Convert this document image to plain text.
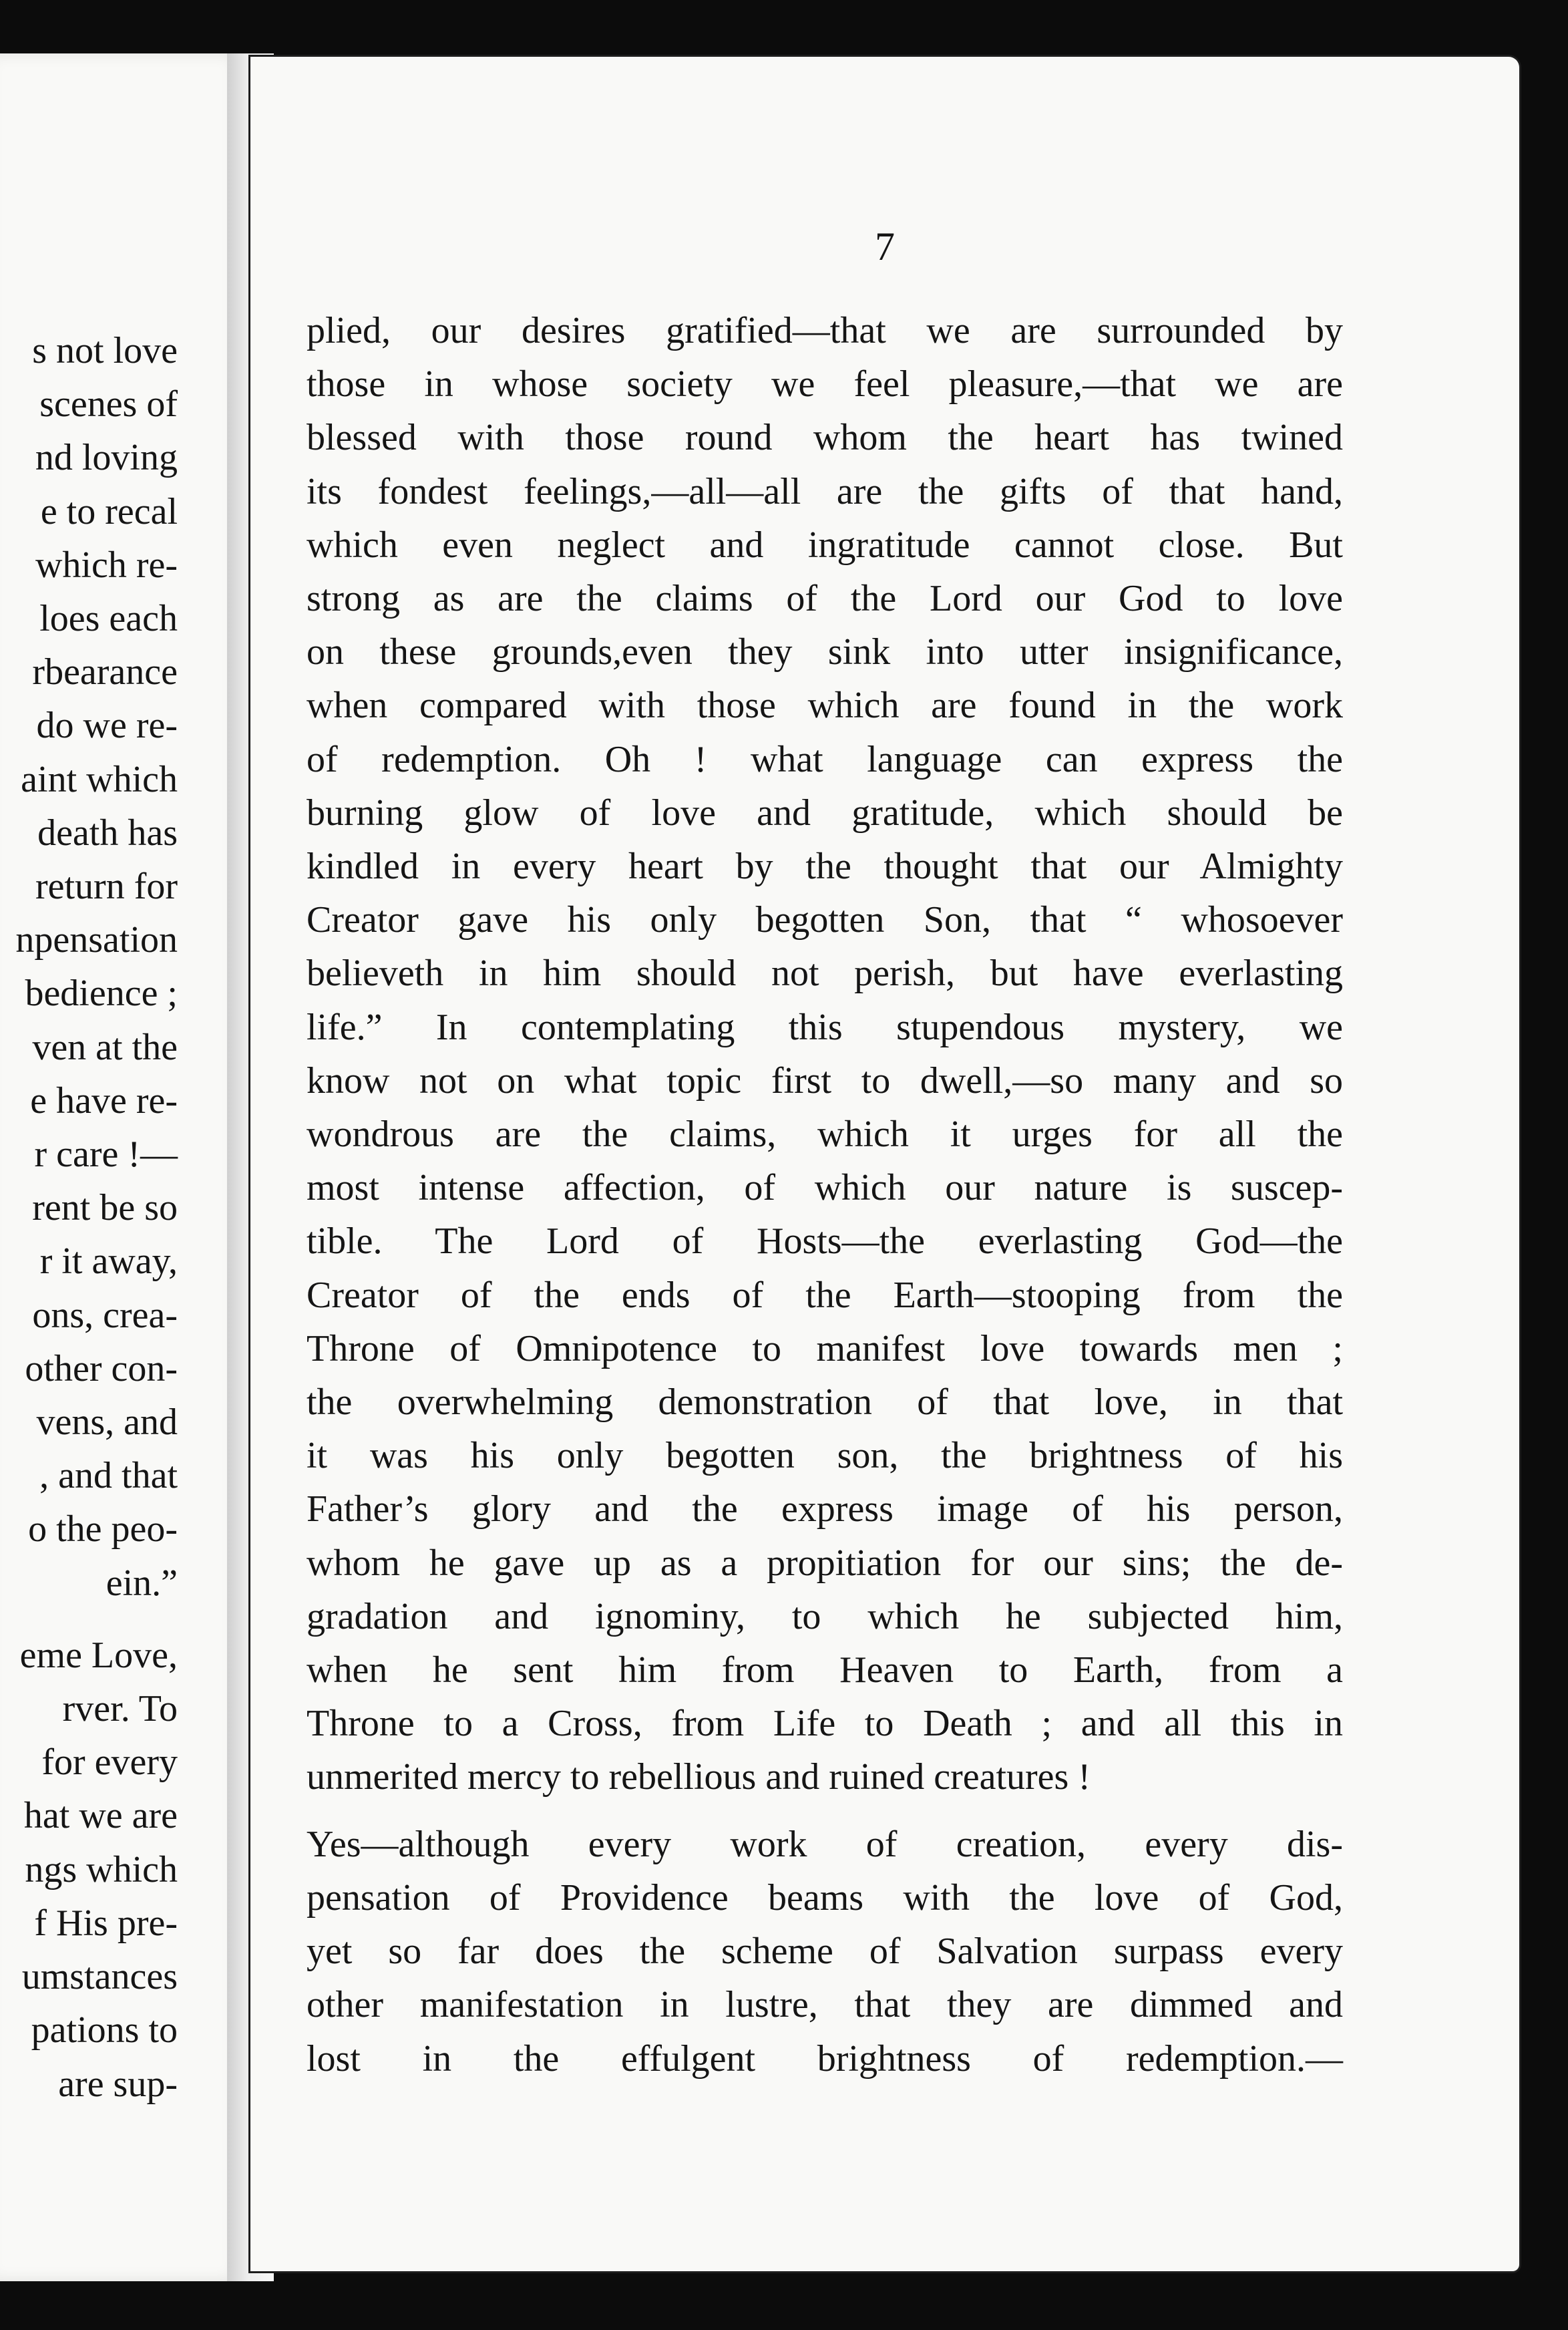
s not love
scenes of
nd loving
e to recal
which re-
loes each
rbearance
do we re-
aint which
death has
return for
npensation
bedience ;
ven at the
e have re-
r care !—
rent be so
r it away,
ons, crea-
other con-
vens, and
, and that
o the peo-
ein.”
eme Love,
rver. To
for every
hat we are
ngs which
f His pre-
umstances
pations to
are sup-

7

plied, our desires gratified—that we are surrounded by
those in whose society we feel pleasure,—that we are
blessed with those round whom the heart has twined
its fondest feelings,—all—all are the gifts of that hand,
which even neglect and ingratitude cannot close. But
strong as are the claims of the Lord our God to love
on these grounds,even they sink into utter insignificance,
when compared with those which are found in the work
of redemption. Oh ! what language can express the
burning glow of love and gratitude, which should be
kindled in every heart by the thought that our Almighty
Creator gave his only begotten Son, that “ whosoever
believeth in him should not perish, but have everlasting
life.” In contemplating this stupendous mystery, we
know not on what topic first to dwell,—so many and so
wondrous are the claims, which it urges for all the
most intense affection, of which our nature is suscep-
tible. The Lord of Hosts—the everlasting God—the
Creator of the ends of the Earth—stooping from the
Throne of Omnipotence to manifest love towards men ;
the overwhelming demonstration of that love, in that
it was his only begotten son, the brightness of his
Father’s glory and the express image of his person,
whom he gave up as a propitiation for our sins; the de-
gradation and ignominy, to which he subjected him,
when he sent him from Heaven to Earth, from a
Throne to a Cross, from Life to Death ; and all this in
unmerited mercy to rebellious and ruined creatures !
Yes—although every work of creation, every dis-
pensation of Providence beams with the love of God,
yet so far does the scheme of Salvation surpass every
other manifestation in lustre, that they are dimmed and
lost in the effulgent brightness of redemption.—
